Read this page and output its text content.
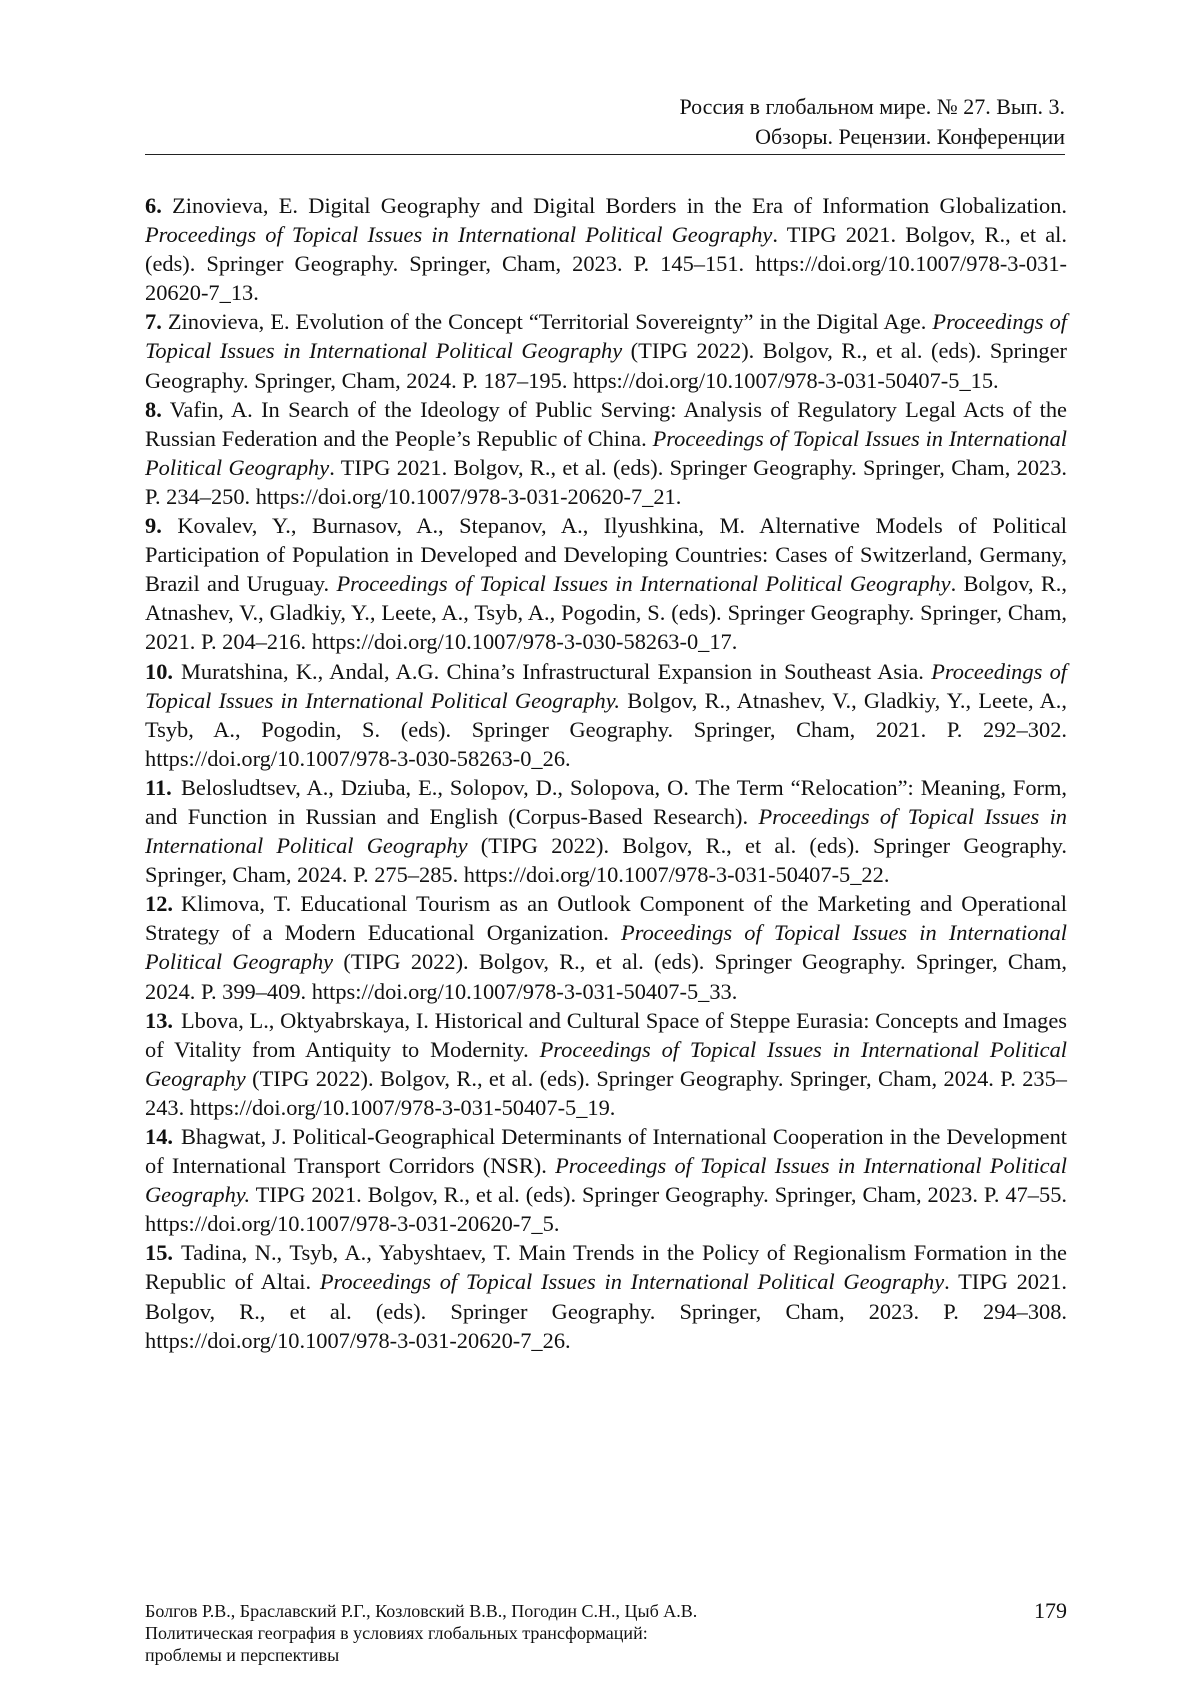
Россия в глобальном мире. № 27. Вып. 3.
Обзоры. Рецензии. Конференции

6. Zinovieva, E. Digital Geography and Digital Borders in the Era of Information Globalization. Proceedings of Topical Issues in International Political Geography. TIPG 2021. Bolgov, R., et al. (eds). Springer Geography. Springer, Cham, 2023. P. 145–151. https://doi.org/10.1007/978-3-031-20620-7_13.

7. Zinovieva, E. Evolution of the Concept “Territorial Sovereignty” in the Digital Age. Proceedings of Topical Issues in International Political Geography (TIPG 2022). Bolgov, R., et al. (eds). Springer Geography. Springer, Cham, 2024. P. 187–195. https://doi.org/10.1007/978-3-031-50407-5_15.

8. Vafin, A. In Search of the Ideology of Public Serving: Analysis of Regulatory Legal Acts of the Russian Federation and the People’s Republic of China. Proceedings of Topical Issues in International Political Geography. TIPG 2021. Bolgov, R., et al. (eds). Springer Geography. Springer, Cham, 2023. P. 234–250. https://doi.org/10.1007/978-3-031-20620-7_21.

9. Kovalev, Y., Burnasov, A., Stepanov, A., Ilyushkina, M. Alternative Models of Political Participation of Population in Developed and Developing Countries: Cases of Switzerland, Germany, Brazil and Uruguay. Proceedings of Topical Issues in International Political Geography. Bolgov, R., Atnashev, V., Gladkiy, Y., Leete, A., Tsyb, A., Pogodin, S. (eds). Springer Geography. Springer, Cham, 2021. P. 204–216. https://doi.org/10.1007/978-3-030-58263-0_17.

10. Muratshina, K., Andal, A.G. China’s Infrastructural Expansion in Southeast Asia. Proceedings of Topical Issues in International Political Geography. Bolgov, R., Atnashev, V., Gladkiy, Y., Leete, A., Tsyb, A., Pogodin, S. (eds). Springer Geography. Springer, Cham, 2021. P. 292–302. https://doi.org/10.1007/978-3-030-58263-0_26.

11. Belosludtsev, A., Dziuba, E., Solopov, D., Solopova, O. The Term “Relocation”: Meaning, Form, and Function in Russian and English (Corpus-Based Research). Proceedings of Topical Issues in International Political Geography (TIPG 2022). Bolgov, R., et al. (eds). Springer Geography. Springer, Cham, 2024. P. 275–285. https://doi.org/10.1007/978-3-031-50407-5_22.

12. Klimova, T. Educational Tourism as an Outlook Component of the Marketing and Operational Strategy of a Modern Educational Organization. Proceedings of Topical Issues in International Political Geography (TIPG 2022). Bolgov, R., et al. (eds). Springer Geography. Springer, Cham, 2024. P. 399–409. https://doi.org/10.1007/978-3-031-50407-5_33.

13. Lbova, L., Oktyabrskaya, I. Historical and Cultural Space of Steppe Eurasia: Concepts and Images of Vitality from Antiquity to Modernity. Proceedings of Topical Issues in International Political Geography (TIPG 2022). Bolgov, R., et al. (eds). Springer Geography. Springer, Cham, 2024. P. 235–243. https://doi.org/10.1007/978-3-031-50407-5_19.

14. Bhagwat, J. Political-Geographical Determinants of International Cooperation in the Development of International Transport Corridors (NSR). Proceedings of Topical Issues in International Political Geography. TIPG 2021. Bolgov, R., et al. (eds). Springer Geography. Springer, Cham, 2023. P. 47–55. https://doi.org/10.1007/978-3-031-20620-7_5.

15. Tadina, N., Tsyb, A., Yabyshtaev, T. Main Trends in the Policy of Regionalism Formation in the Republic of Altai. Proceedings of Topical Issues in International Political Geography. TIPG 2021. Bolgov, R., et al. (eds). Springer Geography. Springer, Cham, 2023. P. 294–308. https://doi.org/10.1007/978-3-031-20620-7_26.

Болгов Р.В., Браславский Р.Г., Козловский В.В., Погодин С.Н., Цыб А.В.
Политическая география в условиях глобальных трансформаций:
проблемы и перспективы
179
